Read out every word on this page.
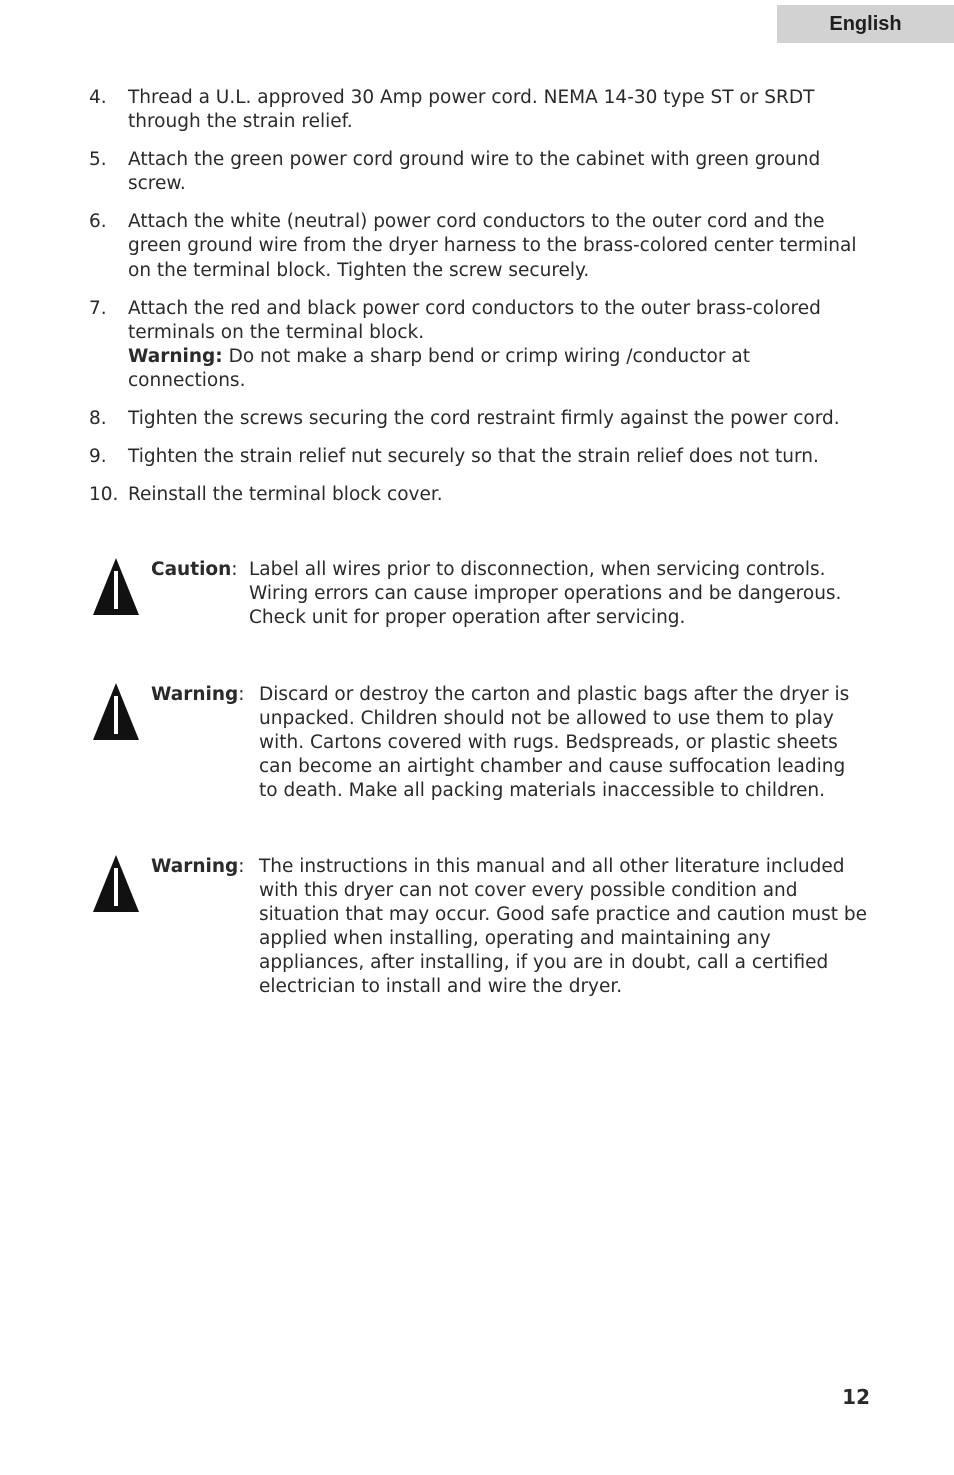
English
4.	Thread a U.L. approved 30 Amp power cord. NEMA 14-30 type ST or SRDT through the strain relief.
5.	Attach the green power cord ground wire to the cabinet with green ground screw.
6.	Attach the white (neutral) power cord conductors to the outer cord and the green ground wire from the dryer harness to the brass-colored center terminal on the terminal block. Tighten the screw securely.
7.	Attach the red and black power cord conductors to the outer brass-colored terminals on the terminal block.
Warning: Do not make a sharp bend or crimp wiring /conductor at connections.
8.	Tighten the screws securing the cord restraint firmly against the power cord.
9.	Tighten the strain relief nut securely so that the strain relief does not turn.
10. Reinstall the terminal block cover.
Caution: Label all wires prior to disconnection, when servicing controls. Wiring errors can cause improper operations and be dangerous. Check unit for proper operation after servicing.
Warning: Discard or destroy the carton and plastic bags after the dryer is unpacked. Children should not be allowed to use them to play with. Cartons covered with rugs. Bedspreads, or plastic sheets can become an airtight chamber and cause suffocation leading to death. Make all packing materials inaccessible to children.
Warning: The instructions in this manual and all other literature included with this dryer can not cover every possible condition and situation that may occur. Good safe practice and caution must be applied when installing, operating and maintaining any appliances, after installing, if you are in doubt, call a certified electrician to install and wire the dryer.
12
